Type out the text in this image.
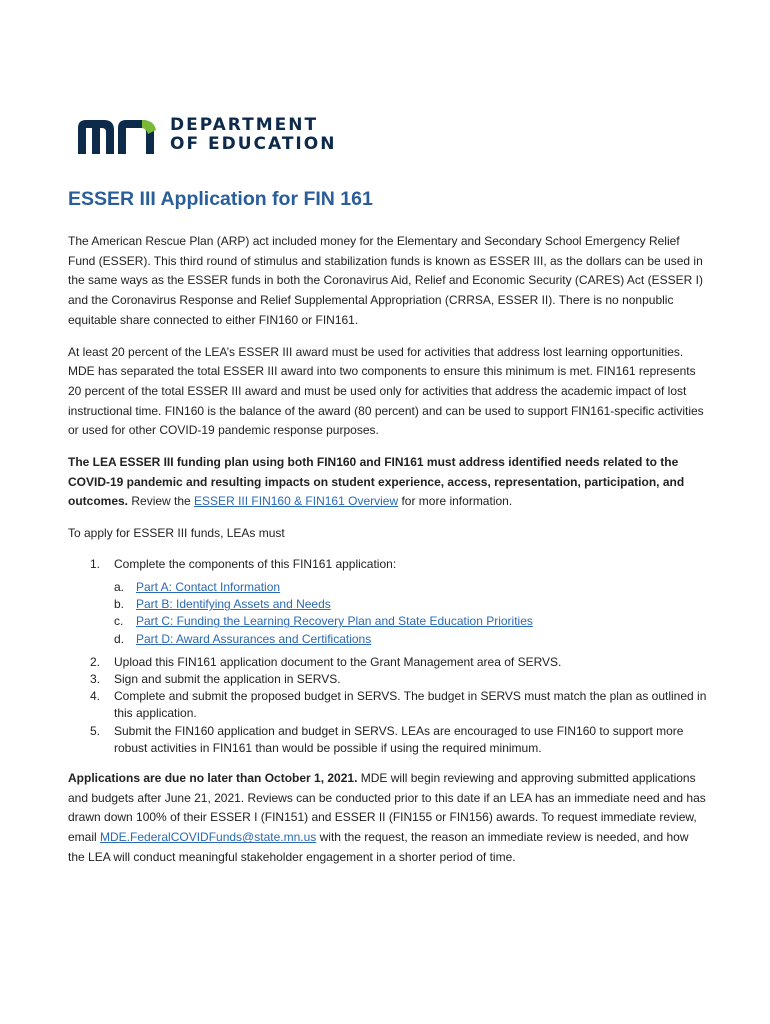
DEPARTMENT
OF EDUCATION
ESSER III Application for FIN 161

The American Rescue Plan (ARP) act included money for the Elementary and Secondary School Emergency Relief Fund (ESSER). This third round of stimulus and stabilization funds is known as ESSER III, as the dollars can be used in the same ways as the ESSER funds in both the Coronavirus Aid, Relief and Economic Security (CARES) Act (ESSER I) and the Coronavirus Response and Relief Supplemental Appropriation (CRRSA, ESSER II). There is no nonpublic equitable share connected to either FIN160 or FIN161.

At least 20 percent of the LEA’s ESSER III award must be used for activities that address lost learning opportunities. MDE has separated the total ESSER III award into two components to ensure this minimum is met. FIN161 represents 20 percent of the total ESSER III award and must be used only for activities that address the academic impact of lost instructional time. FIN160 is the balance of the award (80 percent) and can be used to support FIN161-specific activities or used for other COVID-19 pandemic response purposes.

The LEA ESSER III funding plan using both FIN160 and FIN161 must address identified needs related to the COVID-19 pandemic and resulting impacts on student experience, access, representation, participation, and outcomes. Review the ESSER III FIN160 & FIN161 Overview for more information.

To apply for ESSER III funds, LEAs must

1. Complete the components of this FIN161 application:
a. Part A: Contact Information
b. Part B: Identifying Assets and Needs
c. Part C: Funding the Learning Recovery Plan and State Education Priorities
d. Part D: Award Assurances and Certifications
2. Upload this FIN161 application document to the Grant Management area of SERVS.
3. Sign and submit the application in SERVS.
4. Complete and submit the proposed budget in SERVS. The budget in SERVS must match the plan as outlined in this application.
5. Submit the FIN160 application and budget in SERVS. LEAs are encouraged to use FIN160 to support more robust activities in FIN161 than would be possible if using the required minimum.

Applications are due no later than October 1, 2021. MDE will begin reviewing and approving submitted applications and budgets after June 21, 2021. Reviews can be conducted prior to this date if an LEA has an immediate need and has drawn down 100% of their ESSER I (FIN151) and ESSER II (FIN155 or FIN156) awards. To request immediate review, email MDE.FederalCOVIDFunds@state.mn.us with the request, the reason an immediate review is needed, and how the LEA will conduct meaningful stakeholder engagement in a shorter period of time.
